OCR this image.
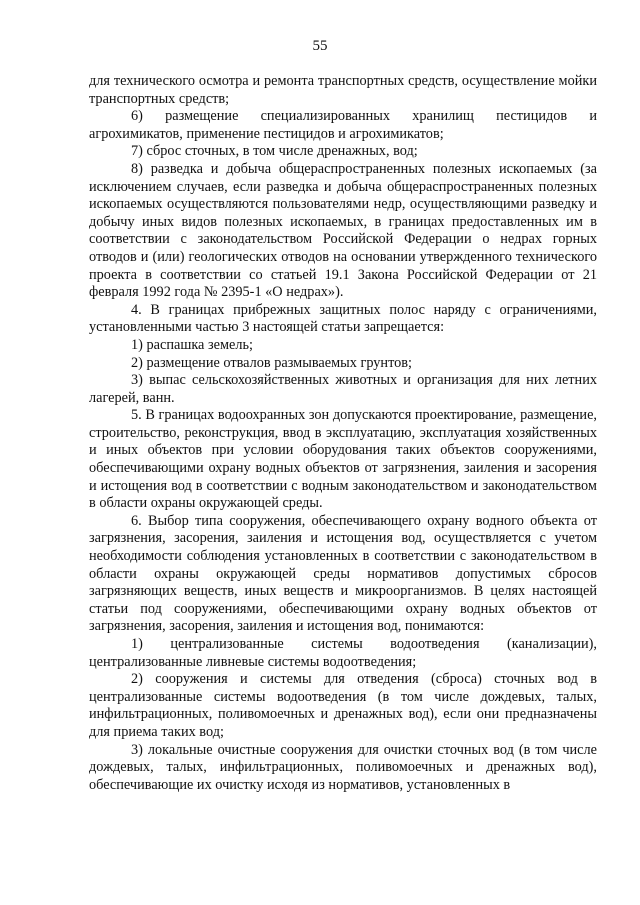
55

для технического осмотра и ремонта транспортных средств, осуществление мойки транспортных средств;

6) размещение специализированных хранилищ пестицидов и агрохимикатов, применение пестицидов и агрохимикатов;

7) сброс сточных, в том числе дренажных, вод;

8) разведка и добыча общераспространенных полезных ископаемых (за исключением случаев, если разведка и добыча общераспространенных полезных ископаемых осуществляются пользователями недр, осуществляющими разведку и добычу иных видов полезных ископаемых, в границах предоставленных им в соответствии с законодательством Российской Федерации о недрах горных отводов и (или) геологических отводов на основании утвержденного технического проекта в соответствии со статьей 19.1 Закона Российской Федерации от 21 февраля 1992 года № 2395-1 «О недрах»).

4. В границах прибрежных защитных полос наряду с ограничениями, установленными частью 3 настоящей статьи запрещается:

1) распашка земель;

2) размещение отвалов размываемых грунтов;

3) выпас сельскохозяйственных животных и организация для них летних лагерей, ванн.

5. В границах водоохранных зон допускаются проектирование, размещение, строительство, реконструкция, ввод в эксплуатацию, эксплуатация хозяйственных и иных объектов при условии оборудования таких объектов сооружениями, обеспечивающими охрану водных объектов от загрязнения, заиления и засорения и истощения вод в соответствии с водным законодательством и законодательством в области охраны окружающей среды.

6. Выбор типа сооружения, обеспечивающего охрану водного объекта от загрязнения, засорения, заиления и истощения вод, осуществляется с учетом необходимости соблюдения установленных в соответствии с законодательством в области охраны окружающей среды нормативов допустимых сбросов загрязняющих веществ, иных веществ и микроорганизмов. В целях настоящей статьи под сооружениями, обеспечивающими охрану водных объектов от загрязнения, засорения, заиления и истощения вод, понимаются:

1) централизованные системы водоотведения (канализации), централизованные ливневые системы водоотведения;

2) сооружения и системы для отведения (сброса) сточных вод в централизованные системы водоотведения (в том числе дождевых, талых, инфильтрационных, поливомоечных и дренажных вод), если они предназначены для приема таких вод;

3) локальные очистные сооружения для очистки сточных вод (в том числе дождевых, талых, инфильтрационных, поливомоечных и дренажных вод), обеспечивающие их очистку исходя из нормативов, установленных в
